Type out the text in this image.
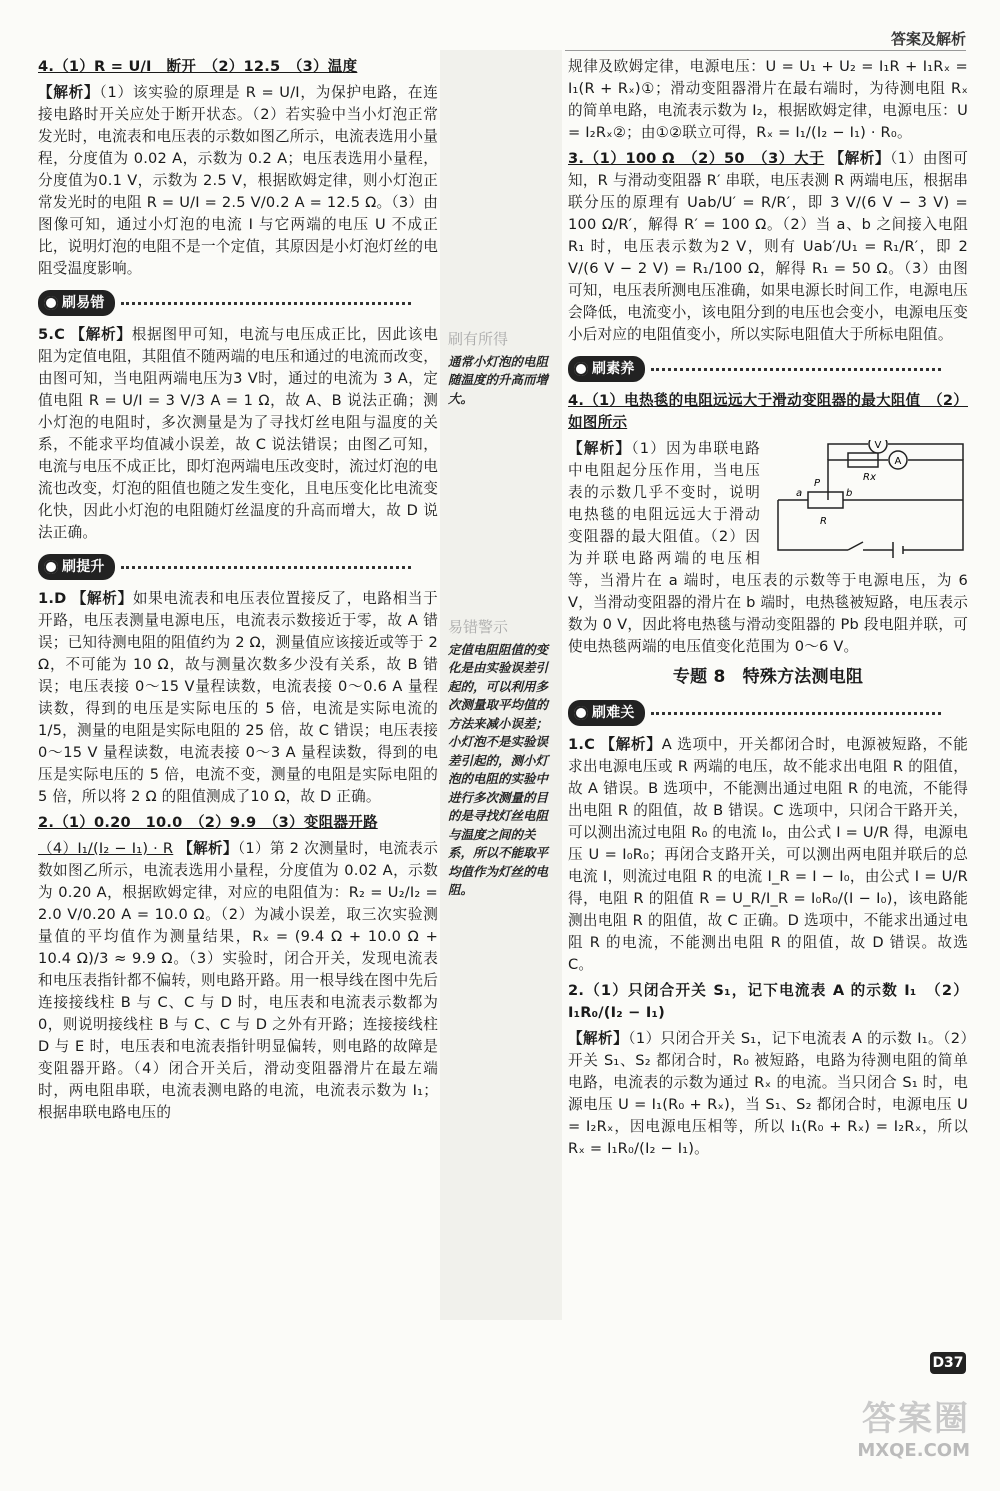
答案及解析

4.（1）R = U/I　断开　（2）12.5　（3）温度

【解析】（1）该实验的原理是 R = U/I，为保护电路，在连接电路时开关应处于断开状态。（2）若实验中当小灯泡正常发光时，电流表和电压表的示数如图乙所示，电流表选用小量程，分度值为 0.02 A，示数为 0.2 A；电压表选用小量程，分度值为0.1 V，示数为 2.5 V，根据欧姆定律，则小灯泡正常发光时的电阻 R = U/I = 2.5 V/0.2 A = 12.5 Ω。（3）由图像可知，通过小灯泡的电流 I 与它两端的电压 U 不成正比，说明灯泡的电阻不是一个定值，其原因是小灯泡灯丝的电阻受温度影响。

刷易错

5.C 【解析】根据图甲可知，电流与电压成正比，因此该电阻为定值电阻，其阻值不随两端的电压和通过的电流而改变，由图可知，当电阻两端电压为3 V时，通过的电流为 3 A，定值电阻 R = U/I = 3 V/3 A = 1 Ω，故 A、B 说法正确；测小灯泡的电阻时，多次测量是为了寻找灯丝电阻与温度的关系，不能求平均值减小误差，故 C 说法错误；由图乙可知，电流与电压不成正比，即灯泡两端电压改变时，流过灯泡的电流也改变，灯泡的阻值也随之发生变化，且电压变化比电流变化快，因此小灯泡的电阻随灯丝温度的升高而增大，故 D 说法正确。

刷提升

1.D 【解析】如果电流表和电压表位置接反了，电路相当于开路，电压表测量电源电压，电流表示数接近于零，故 A 错误；已知待测电阻的阻值约为 2 Ω，测量值应该接近或等于 2 Ω，不可能为 10 Ω，故与测量次数多少没有关系，故 B 错误；电压表接 0～15 V量程读数，电流表接 0～0.6 A 量程读数，得到的电压是实际电压的 5 倍，电流是实际电流的 1/5，测量的电阻是实际电阻的 25 倍，故 C 错误；电压表接 0～15 V 量程读数，电流表接 0～3 A 量程读数，得到的电压是实际电压的 5 倍，电流不变，测量的电阻是实际电阻的 5 倍，所以将 2 Ω 的阻值测成了10 Ω，故 D 正确。

2.（1）0.20　10.0　（2）9.9　（3）变阻器开路

（4）I₁/(I₂ − I₁) · R 【解析】（1）第 2 次测量时，电流表示数如图乙所示，电流表选用小量程，分度值为 0.02 A，示数为 0.20 A，根据欧姆定律，对应的电阻值为：R₂ = U₂/I₂ = 2.0 V/0.20 A = 10.0 Ω。（2）为减小误差，取三次实验测量值的平均值作为测量结果，Rₓ = (9.4 Ω + 10.0 Ω + 10.4 Ω)/3 ≈ 9.9 Ω。（3）实验时，闭合开关，发现电流表和电压表指针都不偏转，则电路开路。用一根导线在图中先后连接接线柱 B 与 C、C 与 D 时，电压表和电流表示数都为 0，则说明接线柱 B 与 C、C 与 D 之外有开路；连接接线柱 D 与 E 时，电压表和电流表指针明显偏转，则电路的故障是变阻器开路。（4）闭合开关后，滑动变阻器滑片在最左端时，两电阻串联，电流表测电路的电流，电流表示数为 I₁；根据串联电路电压的

刷有所得
通常小灯泡的电阻随温度的升高而增大。
易错警示
定值电阻阻值的变化是由实验误差引起的，可以利用多次测量取平均值的方法来减小误差；小灯泡不是实验误差引起的，测小灯泡的电阻的实验中进行多次测量的目的是寻找灯丝电阻与温度之间的关系，所以不能取平均值作为灯丝的电阻。

规律及欧姆定律，电源电压：U = U₁ + U₂ = I₁R + I₁Rₓ = I₁(R + Rₓ)①；滑动变阻器滑片在最右端时，为待测电阻 Rₓ 的简单电路，电流表示数为 I₂，根据欧姆定律，电源电压：U = I₂Rₓ②；由①②联立可得，Rₓ = I₁/(I₂ − I₁) · R₀。

3.（1）100 Ω　（2）50　（3）大于 【解析】（1）由图可知，R 与滑动变阻器 R′ 串联，电压表测 R 两端电压，根据串联分压的原理有 Uab/U′ = R/R′，即 3 V/(6 V − 3 V) = 100 Ω/R′，解得 R′ = 100 Ω。（2）当 a、b 之间接入电阻 R₁ 时，电压表示数为2 V，则有 Uab′/U₁ = R₁/R′，即 2 V/(6 V − 2 V) = R₁/100 Ω，解得 R₁ = 50 Ω。（3）由图可知，电压表所测电压准确，如果电源长时间工作，电源电压会降低，电流变小，该电阻分到的电压也会变小，电源电压变小后对应的电阻值变小，所以实际电阻值大于所标电阻值。

刷素养

4.（1）电热毯的电阻远远大于滑动变阻器的最大阻值　（2）如图所示

V
A
Rx
R
P
a	b

【解析】（1）因为串联电路中电阻起分压作用，当电压表的示数几乎不变时，说明电热毯的电阻远远大于滑动变阻器的最大阻值。（2）因为并联电路两端的电压相等，当滑片在 a 端时，电压表的示数等于电源电压，为 6 V，当滑动变阻器的滑片在 b 端时，电热毯被短路，电压表示数为 0 V，因此将电热毯与滑动变阻器的 Pb 段电阻并联，可使电热毯两端的电压值变化范围为 0～6 V。

专题 8　特殊方法测电阻
刷难关

1.C 【解析】A 选项中，开关都闭合时，电源被短路，不能求出电源电压或 R 两端的电压，故不能求出电阻 R 的阻值，故 A 错误。B 选项中，不能测出通过电阻 R 的电流，不能得出电阻 R 的阻值，故 B 错误。C 选项中，只闭合干路开关，可以测出流过电阻 R₀ 的电流 I₀，由公式 I = U/R 得，电源电压 U = I₀R₀；再闭合支路开关，可以测出两电阻并联后的总电流 I，则流过电阻 R 的电流 I_R = I − I₀，由公式 I = U/R 得，电阻 R 的阻值 R = U_R/I_R = I₀R₀/(I − I₀)，该电路能测出电阻 R 的阻值，故 C 正确。D 选项中，不能求出通过电阻 R 的电流，不能测出电阻 R 的阻值，故 D 错误。故选 C。

2.（1）只闭合开关 S₁，记下电流表 A 的示数 I₁　（2）I₁R₀/(I₂ − I₁)

【解析】（1）只闭合开关 S₁，记下电流表 A 的示数 I₁。（2）开关 S₁、S₂ 都闭合时，R₀ 被短路，电路为待测电阻的简单电路，电流表的示数为通过 Rₓ 的电流。当只闭合 S₁ 时，电源电压 U = I₁(R₀ + Rₓ)，当 S₁、S₂ 都闭合时，电源电压 U = I₂Rₓ，因电源电压相等，所以 I₁(R₀ + Rₓ) = I₂Rₓ，所以 Rₓ = I₁R₀/(I₂ − I₁)。

D37
答案圈
MXQE.COM
